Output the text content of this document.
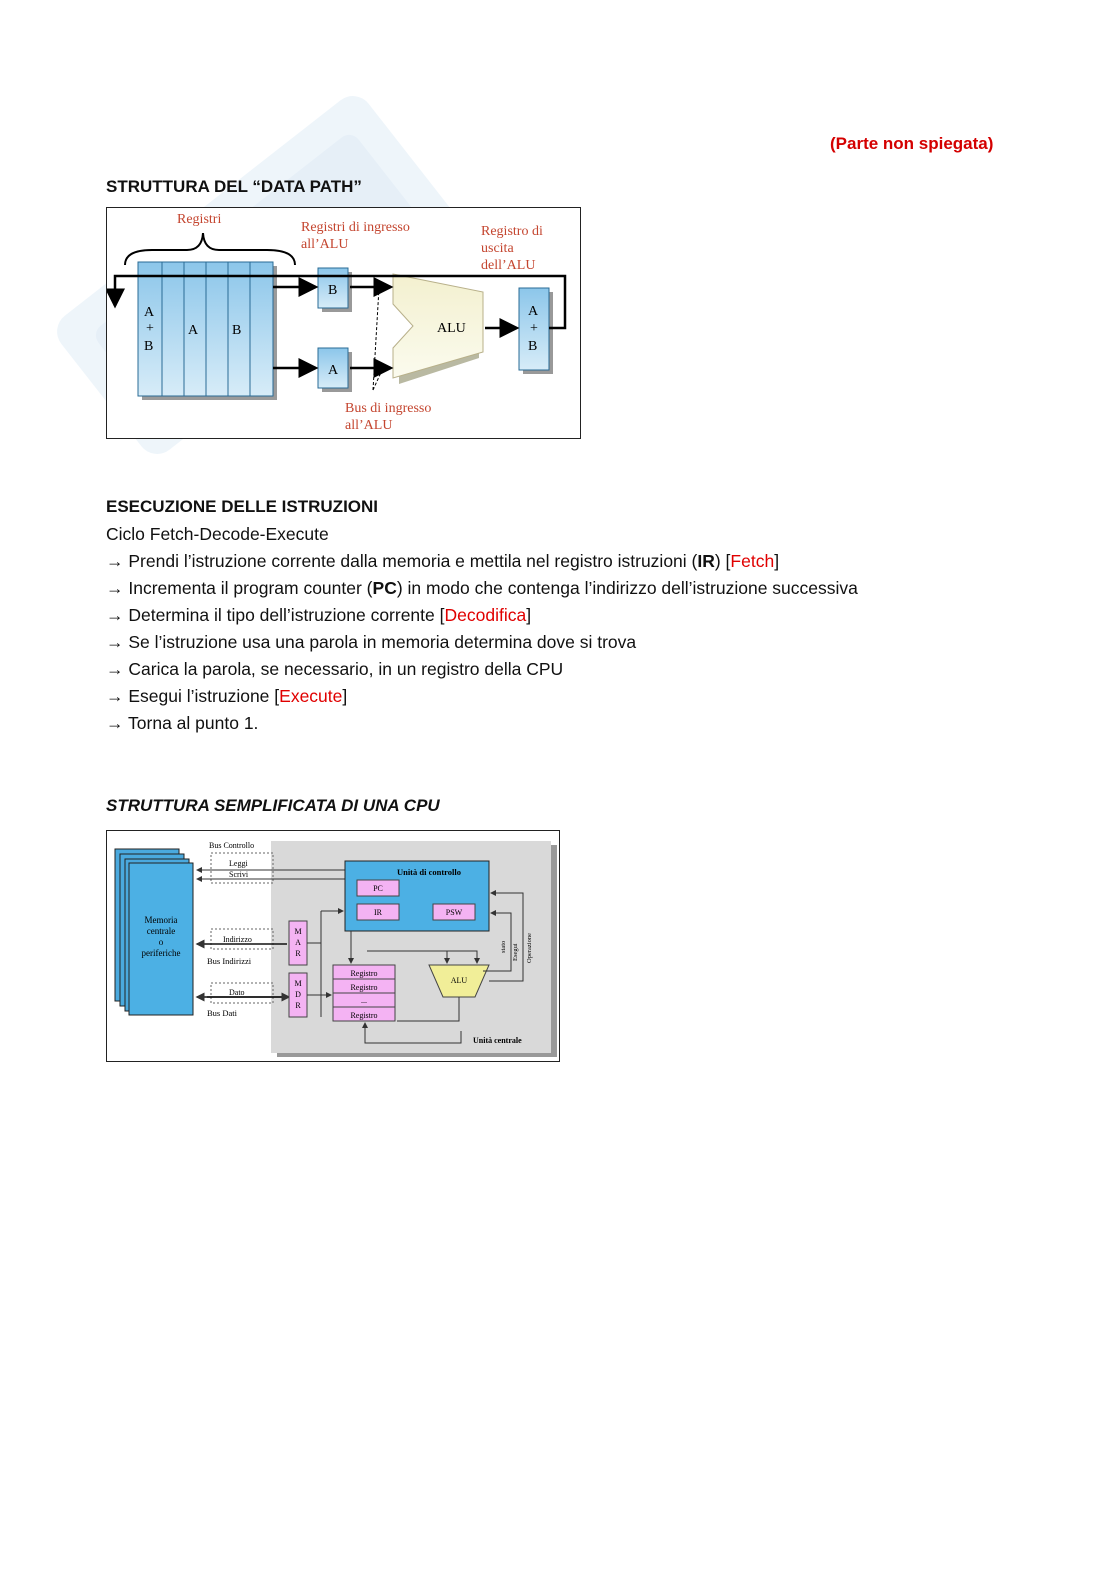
(Parte non spiegata)
STRUTTURA DEL “DATA PATH”
Registri
A
+
B
A B
Registri di ingresso
all’ALU
Registro di
uscita
dell’ALU
Bus di ingresso
all’ALU
B
A
ALU
A
+
B
ESECUZIONE DELLE ISTRUZIONI
Ciclo Fetch-Decode-Execute
→ Prendi l’istruzione corrente dalla memoria e mettila nel registro istruzioni (IR) [Fetch]
→ Incrementa il program counter (PC) in modo che contenga l’indirizzo dell’istruzione successiva
→ Determina il tipo dell’istruzione corrente [Decodifica]
→ Se l’istruzione usa una parola in memoria determina dove si trova
→ Carica la parola, se necessario, in un registro della CPU
→ Esegui l’istruzione [Execute]
→ Torna al punto 1.
STRUTTURA SEMPLIFICATA DI UNA CPU
Memoria
centrale
o
periferiche
Bus Controllo
Leggi
Scrivi
Indirizzo
Bus Indirizzi
Dato
Bus Dati
M
A
R
M
D
R
Unità di controllo
PC
IR	PSW
Registro
Registro
...
Registro
ALU
stato Esegui Operazione
Unità centrale
